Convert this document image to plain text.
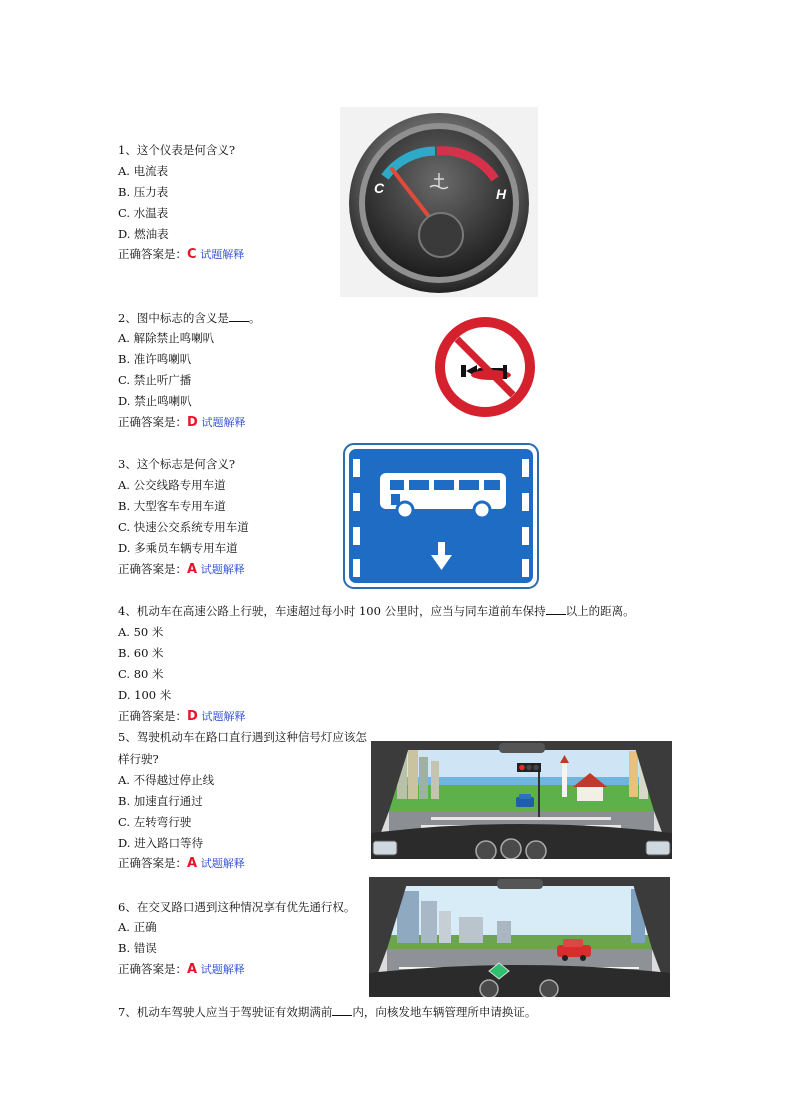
1、这个仪表是何含义?
A. 电流表
B. 压力表
C. 水温表
D. 燃油表
正确答案是：C 试题解释
C	H
2、图中标志的含义是 。
A. 解除禁止鸣喇叭
B. 准许鸣喇叭
C. 禁止听广播
D. 禁止鸣喇叭
正确答案是：D 试题解释
3、这个标志是何含义?
A. 公交线路专用车道
B. 大型客车专用车道
C. 快速公交系统专用车道
D. 多乘员车辆专用车道
正确答案是：A 试题解释
4、机动车在高速公路上行驶，车速超过每小时 100 公里时，应当与同车道前车保持 以上的距离。
A. 50 米
B. 60 米
C. 80 米
D. 100 米
正确答案是：D 试题解释
5、驾驶机动车在路口直行遇到这种信号灯应该怎
样行驶?
A. 不得越过停止线
B. 加速直行通过
C. 左转弯行驶
D. 进入路口等待
正确答案是：A 试题解释
6、在交叉路口遇到这种情况享有优先通行权。
A. 正确
B. 错误
正确答案是：A 试题解释
7、机动车驾驶人应当于驾驶证有效期满前 内，向核发地车辆管理所申请换证。
